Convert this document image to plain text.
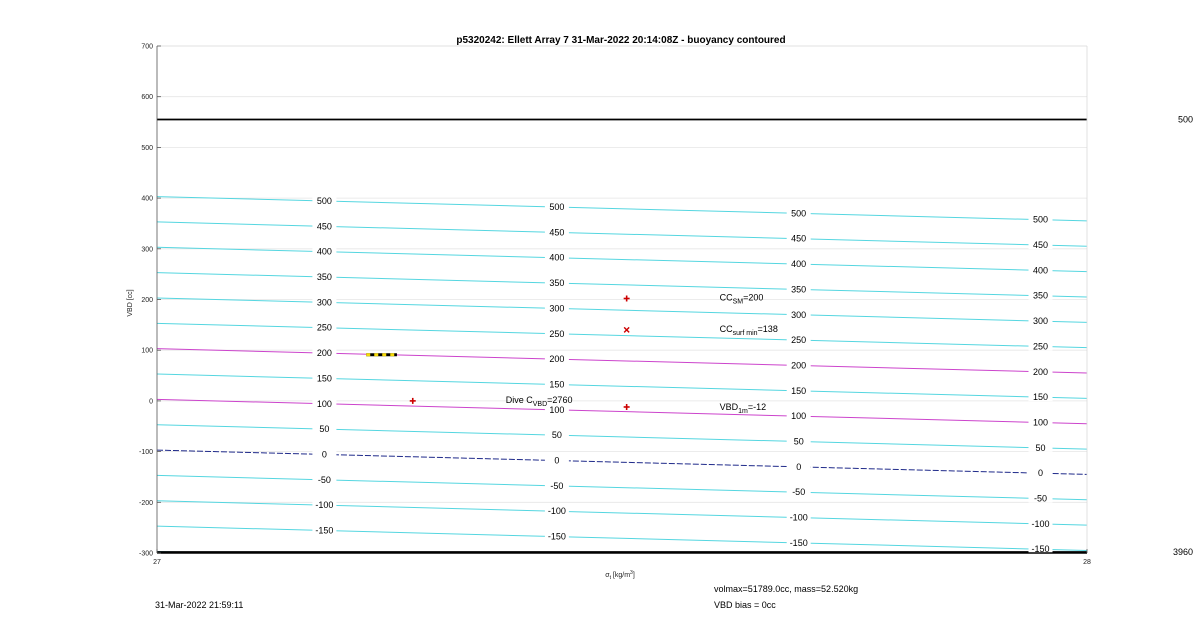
p5320242: Ellett Array 7 31-Mar-2022 20:14:08Z - buoyancy contoured
500
3960
500
450
400
350
300
250
200
150
100
50
0
-50
-100
-150
500
450
400
350
300
250
200
150
100
50
0
-50
-100
-150
500
450
400
350
300
250
200
150
100
50
0
-50
-100
-150
500
450
400
350
300
250
200
150
100
50
0
-50
-100
-150
Dive $C_{VBD}=2760$
$CC_{SM}=200$
$CC_{surf min}=138$
$VBD_{1m}=-12$
700
600
500
400
300
200
100
0
-100
-200
-300
27	28
VBD [cc]
$\sigma_t$ $[kg/m^3]$
31-Mar-2022 21:59:11
volmax=51789.0cc, mass=52.520kg
VBD bias = 0cc
